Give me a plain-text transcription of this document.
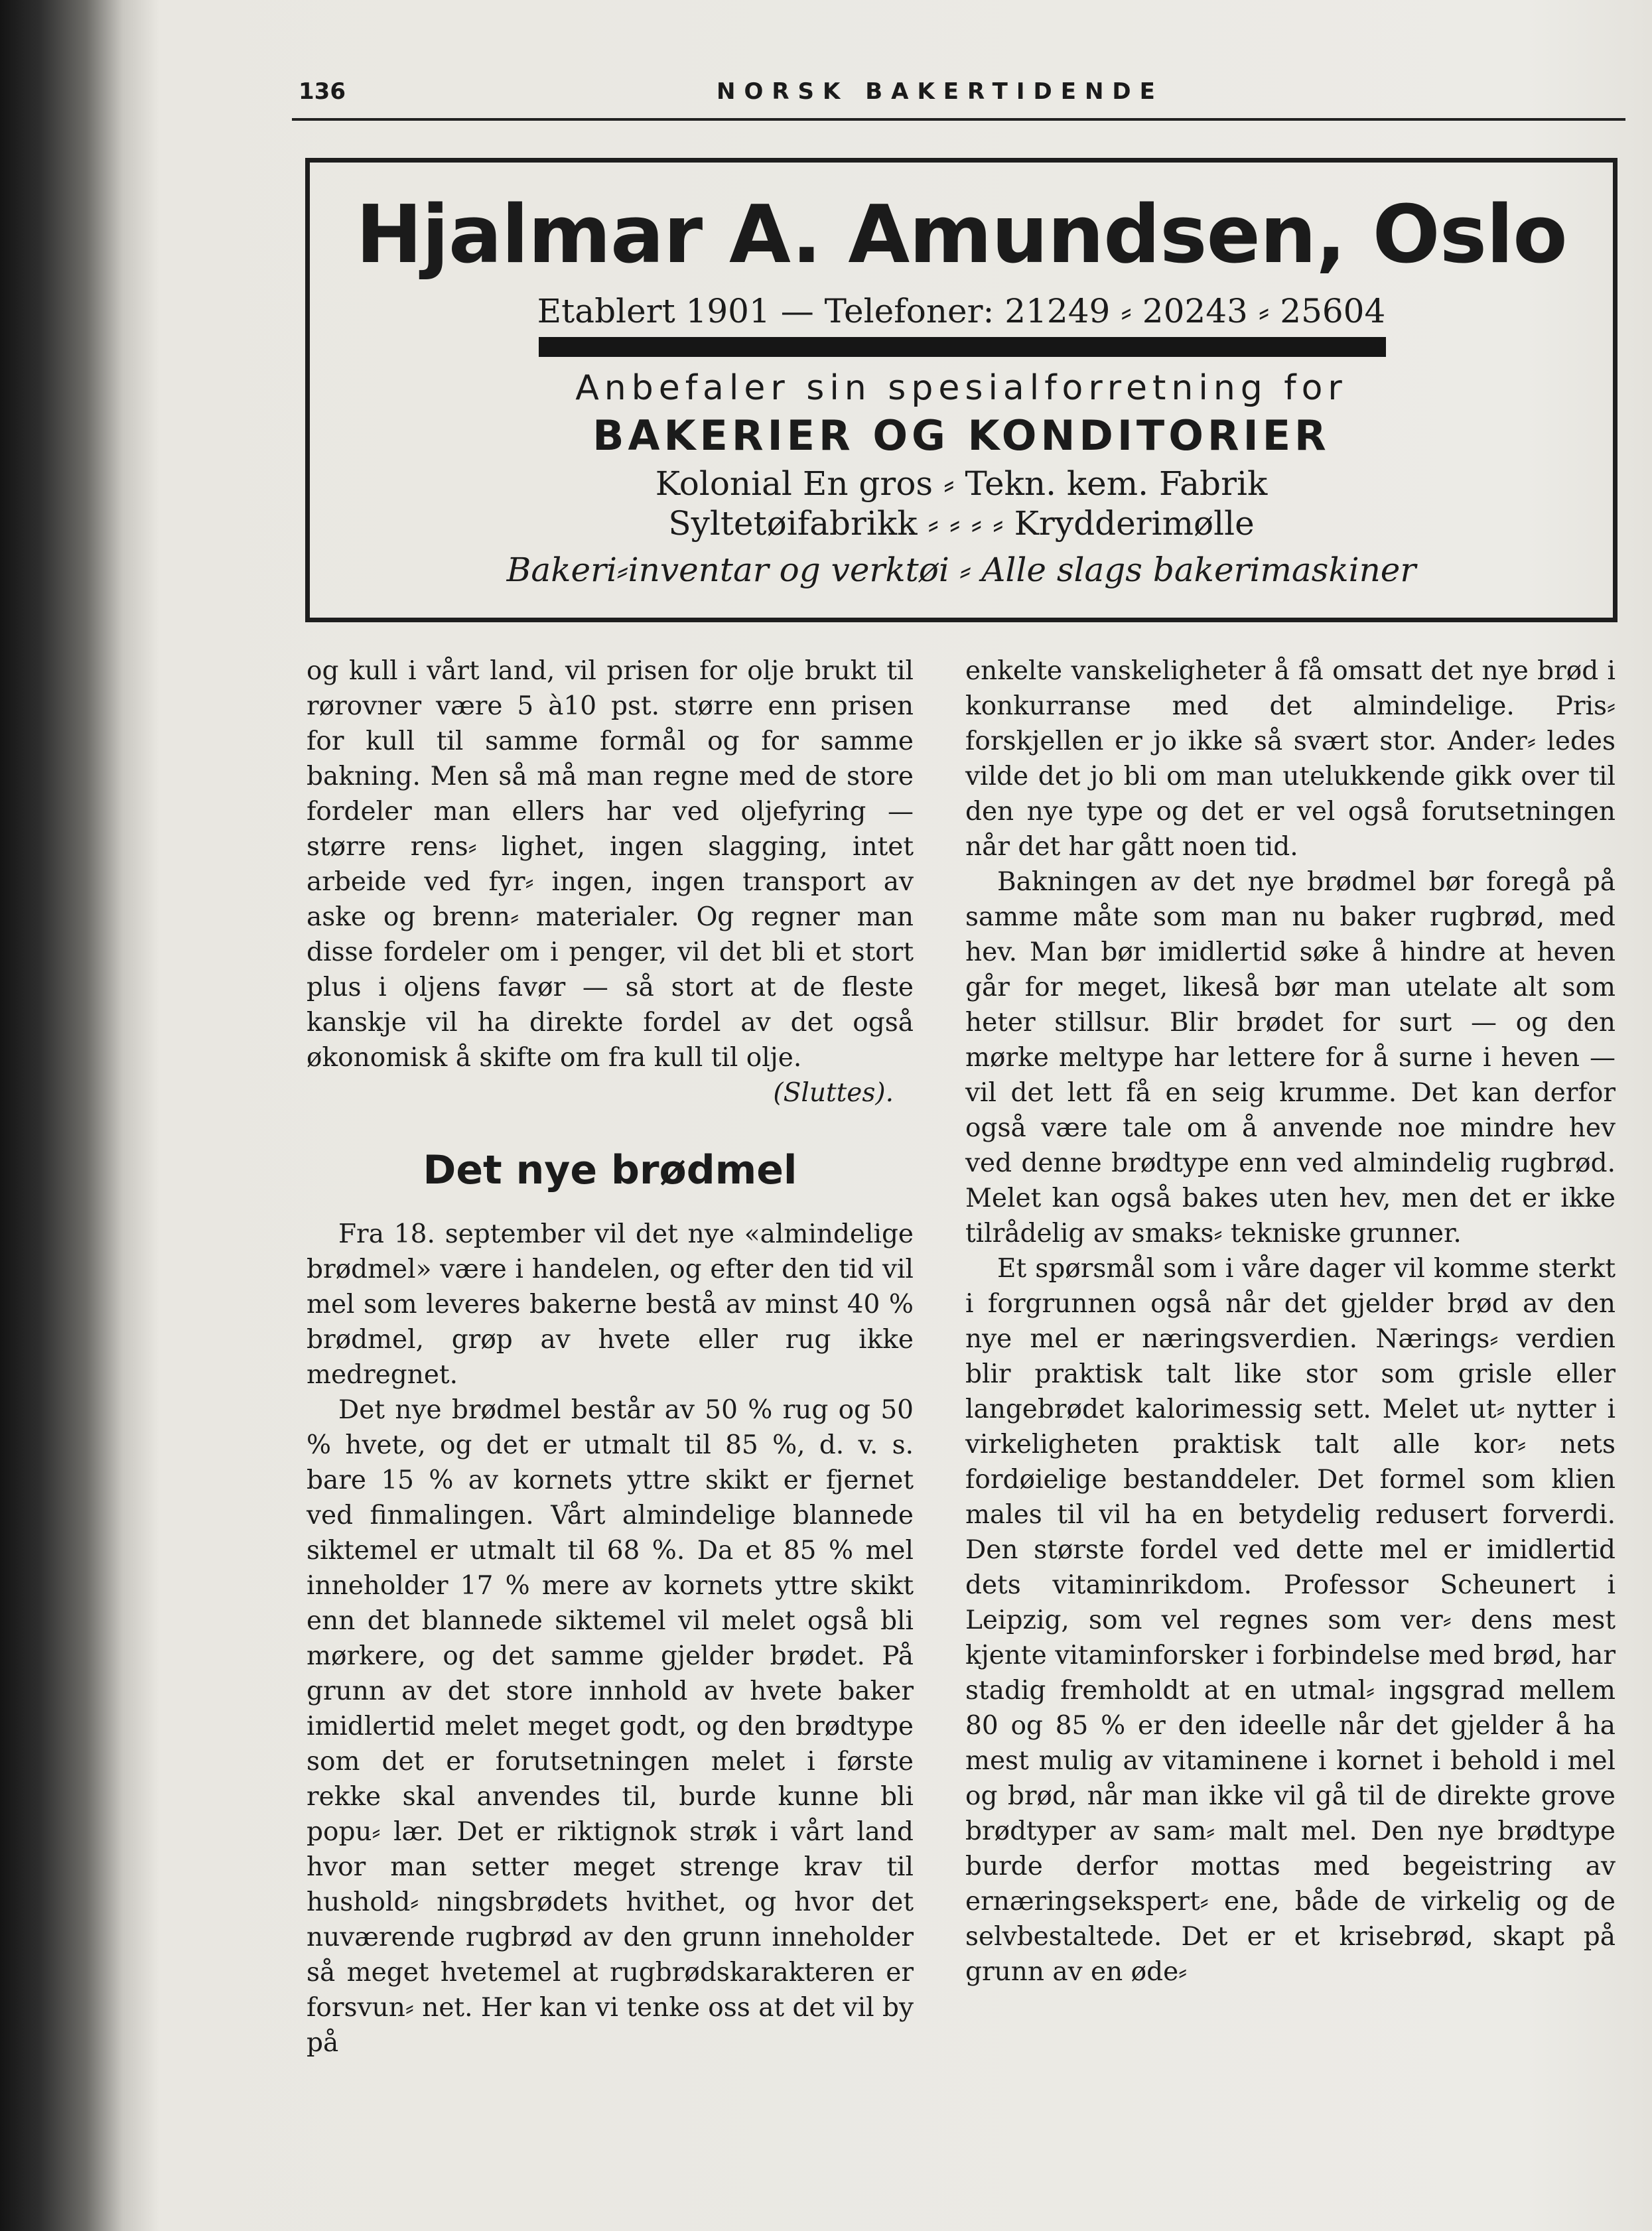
136	NORSK BAKERTIDENDE
Hjalmar A. Amundsen, Oslo
Etablert 1901 — Telefoner: 21249 ⸗ 20243 ⸗ 25604
Anbefaler sin spesialforretning for
BAKERIER OG KONDITORIER
Kolonial En gros ⸗ Tekn. kem. Fabrik
Syltetøifabrikk ⸗ ⸗ ⸗ ⸗ Krydderimølle
Bakeri⸗inventar og verktøi ⸗ Alle slags bakerimaskiner

og kull i vårt land, vil prisen for olje brukt til rørovner være 5 à10 pst. større enn prisen for kull til samme formål og for samme bakning. Men så må man regne med de store fordeler man ellers har ved oljefyring — større rens⸗ lighet, ingen slagging, intet arbeide ved fyr⸗ ingen, ingen transport av aske og brenn⸗ materialer. Og regner man disse fordeler om i penger, vil det bli et stort plus i oljens favør — så stort at de fleste kanskje vil ha direkte fordel av det også økonomisk å skifte om fra kull til olje.

(Sluttes).

Det nye brødmel

Fra 18. september vil det nye «almindelige brødmel» være i handelen, og efter den tid vil mel som leveres bakerne bestå av minst 40 % brødmel, grøp av hvete eller rug ikke medregnet.

Det nye brødmel består av 50 % rug og 50 % hvete, og det er utmalt til 85 %, d. v. s. bare 15 % av kornets yttre skikt er fjernet ved finmalingen. Vårt almindelige blannede siktemel er utmalt til 68 %. Da et 85 % mel inneholder 17 % mere av kornets yttre skikt enn det blannede siktemel vil melet også bli mørkere, og det samme gjelder brødet. På grunn av det store innhold av hvete baker imidlertid melet meget godt, og den brødtype som det er forutsetningen melet i første rekke skal anvendes til, burde kunne bli popu⸗ lær. Det er riktignok strøk i vårt land hvor man setter meget strenge krav til hushold⸗ ningsbrødets hvithet, og hvor det nuværende rugbrød av den grunn inneholder så meget hvetemel at rugbrødskarakteren er forsvun⸗ net. Her kan vi tenke oss at det vil by på

enkelte vanskeligheter å få omsatt det nye brød i konkurranse med det almindelige. Pris⸗ forskjellen er jo ikke så svært stor. Ander⸗ ledes vilde det jo bli om man utelukkende gikk over til den nye type og det er vel også forutsetningen når det har gått noen tid.

Bakningen av det nye brødmel bør foregå på samme måte som man nu baker rugbrød, med hev. Man bør imidlertid søke å hindre at heven går for meget, likeså bør man utelate alt som heter stillsur. Blir brødet for surt — og den mørke meltype har lettere for å surne i heven — vil det lett få en seig krumme. Det kan derfor også være tale om å anvende noe mindre hev ved denne brødtype enn ved almindelig rugbrød. Melet kan også bakes uten hev, men det er ikke tilrådelig av smaks⸗ tekniske grunner.

Et spørsmål som i våre dager vil komme sterkt i forgrunnen også når det gjelder brød av den nye mel er næringsverdien. Nærings⸗ verdien blir praktisk talt like stor som grisle eller langebrødet kalorimessig sett. Melet ut⸗ nytter i virkeligheten praktisk talt alle kor⸗ nets fordøielige bestanddeler. Det formel som klien males til vil ha en betydelig redusert forverdi. Den største fordel ved dette mel er imidlertid dets vitaminrikdom. Professor Scheunert i Leipzig, som vel regnes som ver⸗ dens mest kjente vitaminforsker i forbindelse med brød, har stadig fremholdt at en utmal⸗ ingsgrad mellem 80 og 85 % er den ideelle når det gjelder å ha mest mulig av vitaminene i kornet i behold i mel og brød, når man ikke vil gå til de direkte grove brødtyper av sam⸗ malt mel. Den nye brødtype burde derfor mottas med begeistring av ernæringsekspert⸗ ene, både de virkelig og de selvbestaltede. Det er et krisebrød, skapt på grunn av en øde⸗
